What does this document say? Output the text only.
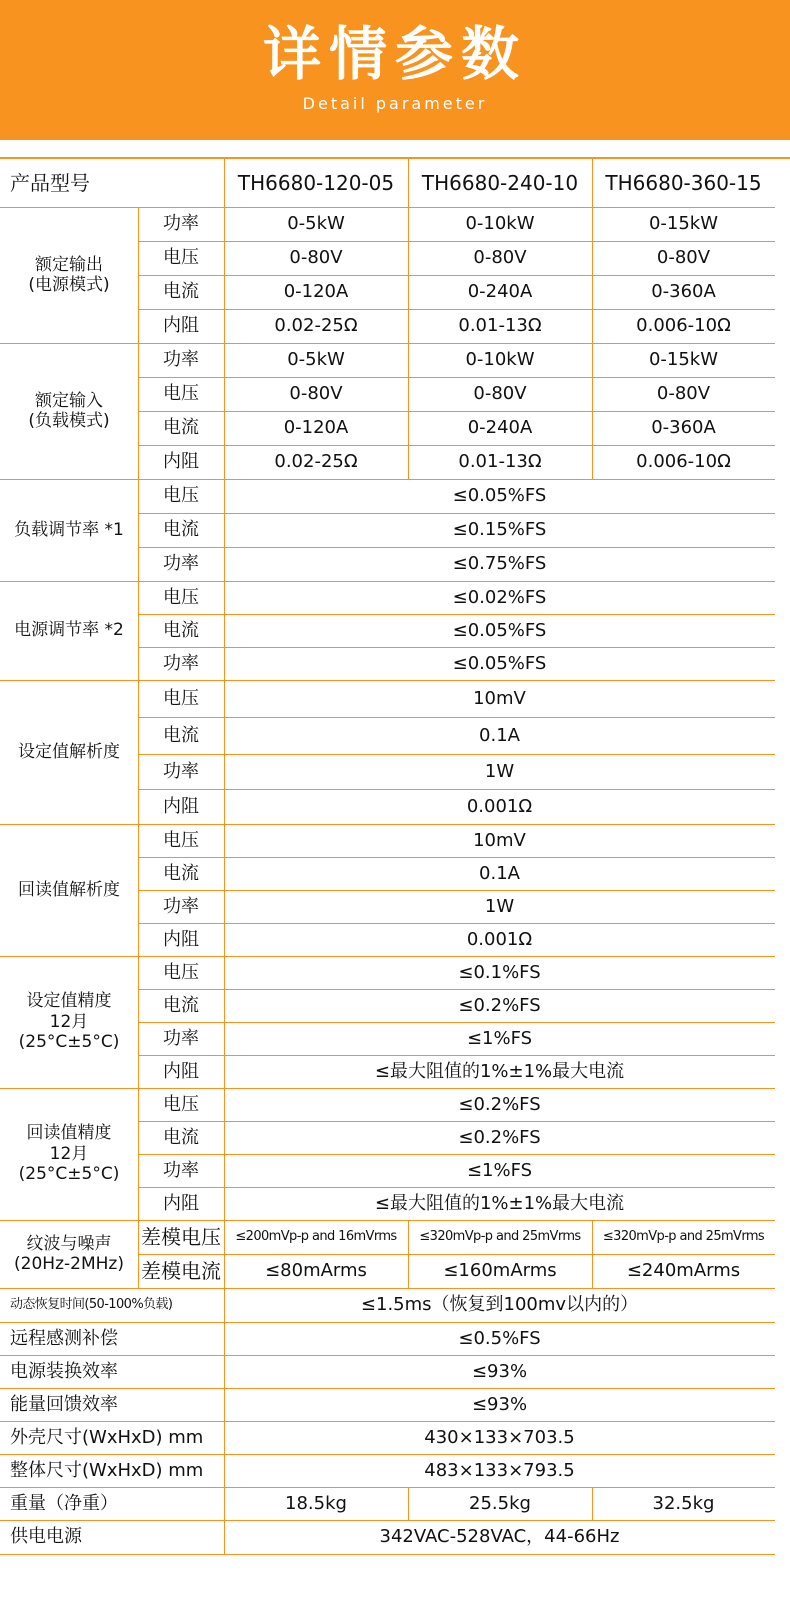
详情参数
Detail parameter
产品型号	TH6680-120-05	TH6680-240-10	TH6680-360-15
额定输出
(电源模式)
功率	0-5kW	0-10kW	0-15kW
电压	0-80V	0-80V	0-80V
电流	0-120A	0-240A	0-360A
内阻	0.02-25Ω	0.01-13Ω	0.006-10Ω
额定输入
(负载模式)
功率	0-5kW	0-10kW	0-15kW
电压	0-80V	0-80V	0-80V
电流	0-120A	0-240A	0-360A
内阻	0.02-25Ω	0.01-13Ω	0.006-10Ω
负载调节率 *1
电压	≤0.05%FS
电流	≤0.15%FS
功率	≤0.75%FS
电源调节率 *2
电压	≤0.02%FS
电流	≤0.05%FS
功率	≤0.05%FS
设定值解析度
电压	10mV
电流	0.1A
功率	1W
内阻	0.001Ω
回读值解析度
电压	10mV
电流	0.1A
功率	1W
内阻	0.001Ω
设定值精度
12月
(25°C±5°C)
电压	≤0.1%FS
电流	≤0.2%FS
功率	≤1%FS
内阻	≤最大阻值的1%±1%最大电流
回读值精度
12月
(25°C±5°C)
电压	≤0.2%FS
电流	≤0.2%FS
功率	≤1%FS
内阻	≤最大阻值的1%±1%最大电流
纹波与噪声
(20Hz-2MHz)
差模电压	≤200mVp-p and 16mVrms	≤320mVp-p and 25mVrms	≤320mVp-p and 25mVrms
差模电流	≤80mArms	≤160mArms	≤240mArms
动态恢复时间(50-100%负载)	≤1.5ms（恢复到100mv以内的）
远程感测补偿	≤0.5%FS
电源装换效率	≤93%
能量回馈效率	≤93%
外壳尺寸(WxHxD) mm	430×133×703.5
整体尺寸(WxHxD) mm	483×133×793.5
重量（净重）	18.5kg	25.5kg	32.5kg
供电电源	342VAC-528VAC，44-66Hz
